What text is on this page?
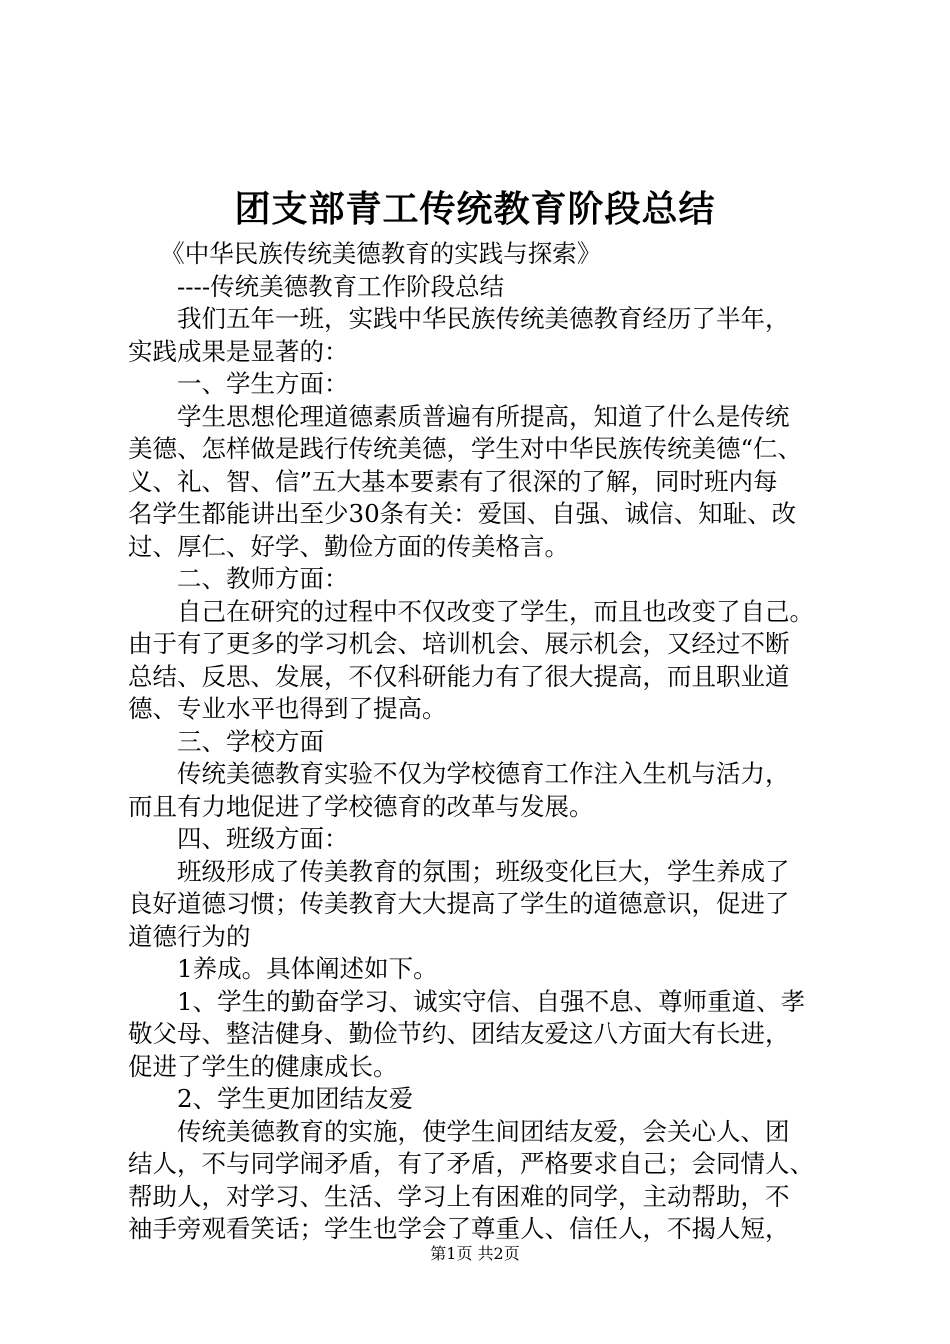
团支部青工传统教育阶段总结
　 《中华民族传统美德教育的实践与探索》
　　----传统美德教育工作阶段总结
　　我们五年一班，实践中华民族传统美德教育经历了半年，
实践成果是显著的：
　　一、学生方面：
　　学生思想伦理道德素质普遍有所提高，知道了什么是传统
美德、怎样做是践行传统美德，学生对中华民族传统美德“仁、
义、礼、智、信”五大基本要素有了很深的了解，同时班内每
名学生都能讲出至少30条有关：爱国、自强、诚信、知耻、改
过、厚仁、好学、勤俭方面的传美格言。
　　二、教师方面：
　　自己在研究的过程中不仅改变了学生，而且也改变了自己。
由于有了更多的学习机会、培训机会、展示机会，又经过不断
总结、反思、发展，不仅科研能力有了很大提高，而且职业道
德、专业水平也得到了提高。
　　三、学校方面
　　传统美德教育实验不仅为学校德育工作注入生机与活力，
而且有力地促进了学校德育的改革与发展。
　　四、班级方面：
　　班级形成了传美教育的氛围；班级变化巨大，学生养成了
良好道德习惯；传美教育大大提高了学生的道德意识，促进了
道德行为的
　　1养成。具体阐述如下。
　　1、学生的勤奋学习、诚实守信、自强不息、尊师重道、孝
敬父母、整洁健身、勤俭节约、团结友爱这八方面大有长进，
促进了学生的健康成长。
　　2、学生更加团结友爱
　　传统美德教育的实施，使学生间团结友爱，会关心人、团
结人，不与同学闹矛盾，有了矛盾，严格要求自己；会同情人、
帮助人，对学习、生活、学习上有困难的同学，主动帮助，不
袖手旁观看笑话；学生也学会了尊重人、信任人，不揭人短，
第1页 共2页
